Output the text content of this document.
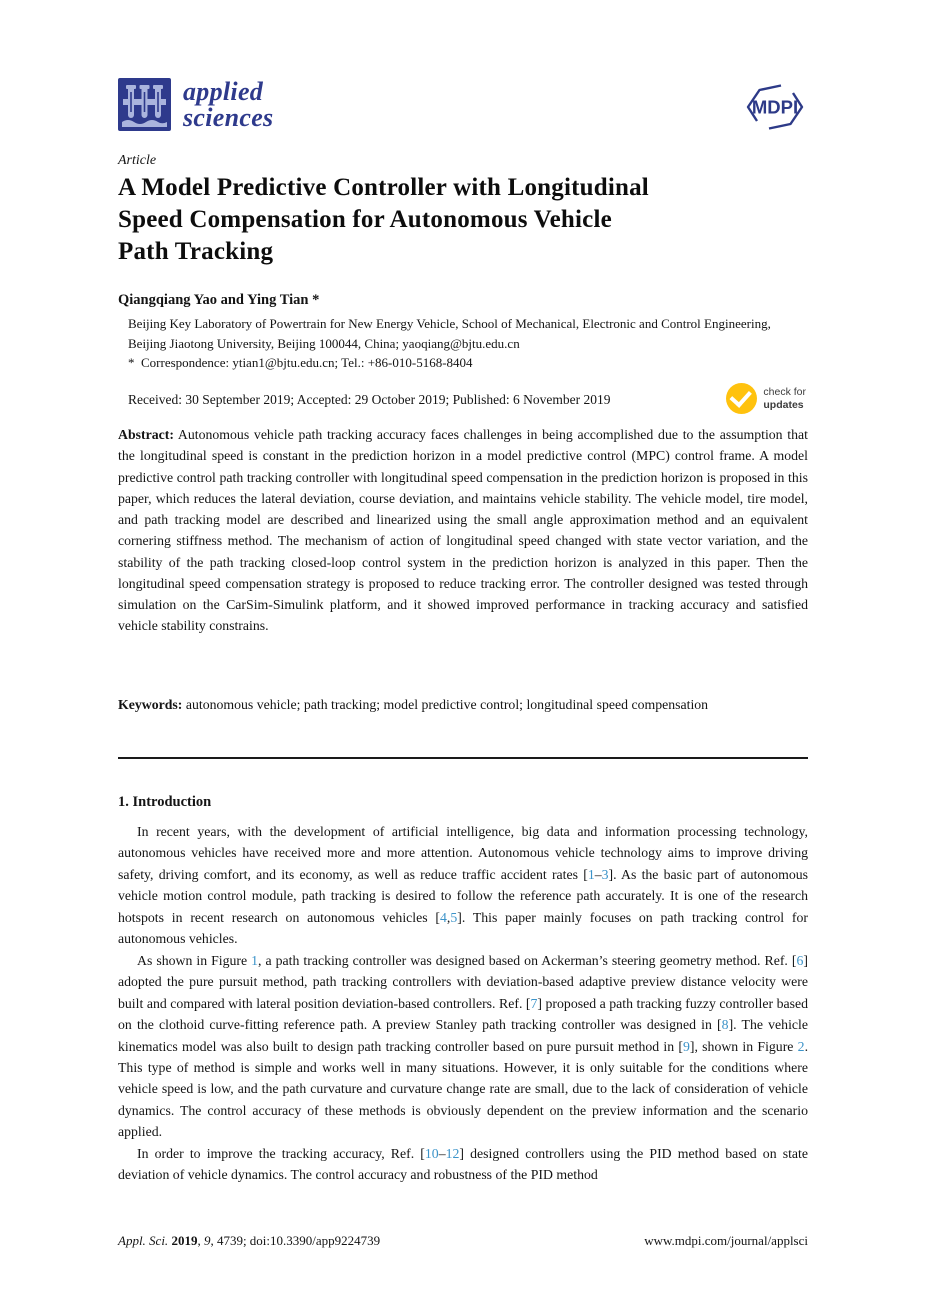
applied
sciences	MDPI
Article
A Model Predictive Controller with Longitudinal
Speed Compensation for Autonomous Vehicle
Path Tracking
Qiangqiang Yao and Ying Tian *
Beijing Key Laboratory of Powertrain for New Energy Vehicle, School of Mechanical, Electronic and Control Engineering, Beijing Jiaotong University, Beijing 100044, China; yaoqiang@bjtu.edu.cn
* Correspondence: ytian1@bjtu.edu.cn; Tel.: +86-010-5168-8404
Received: 30 September 2019; Accepted: 29 October 2019; Published: 6 November 2019	check for
updates
Abstract: Autonomous vehicle path tracking accuracy faces challenges in being accomplished due to the assumption that the longitudinal speed is constant in the prediction horizon in a model predictive control (MPC) control frame. A model predictive control path tracking controller with longitudinal speed compensation in the prediction horizon is proposed in this paper, which reduces the lateral deviation, course deviation, and maintains vehicle stability. The vehicle model, tire model, and path tracking model are described and linearized using the small angle approximation method and an equivalent cornering stiffness method. The mechanism of action of longitudinal speed changed with state vector variation, and the stability of the path tracking closed-loop control system in the prediction horizon is analyzed in this paper. Then the longitudinal speed compensation strategy is proposed to reduce tracking error. The controller designed was tested through simulation on the CarSim-Simulink platform, and it showed improved performance in tracking accuracy and satisfied vehicle stability constrains.
Keywords: autonomous vehicle; path tracking; model predictive control; longitudinal speed compensation
1. Introduction

In recent years, with the development of artificial intelligence, big data and information processing technology, autonomous vehicles have received more and more attention. Autonomous vehicle technology aims to improve driving safety, driving comfort, and its economy, as well as reduce traffic accident rates [1–3]. As the basic part of autonomous vehicle motion control module, path tracking is desired to follow the reference path accurately. It is one of the research hotspots in recent research on autonomous vehicles [4,5]. This paper mainly focuses on path tracking control for autonomous vehicles.

As shown in Figure 1, a path tracking controller was designed based on Ackerman’s steering geometry method. Ref. [6] adopted the pure pursuit method, path tracking controllers with deviation-based adaptive preview distance velocity were built and compared with lateral position deviation-based controllers. Ref. [7] proposed a path tracking fuzzy controller based on the clothoid curve-fitting reference path. A preview Stanley path tracking controller was designed in [8]. The vehicle kinematics model was also built to design path tracking controller based on pure pursuit method in [9], shown in Figure 2. This type of method is simple and works well in many situations. However, it is only suitable for the conditions where vehicle speed is low, and the path curvature and curvature change rate are small, due to the lack of consideration of vehicle dynamics. The control accuracy of these methods is obviously dependent on the preview information and the scenario applied.

In order to improve the tracking accuracy, Ref. [10–12] designed controllers using the PID method based on state deviation of vehicle dynamics. The control accuracy and robustness of the PID method

Appl. Sci. 2019, 9, 4739; doi:10.3390/app9224739	www.mdpi.com/journal/applsci
